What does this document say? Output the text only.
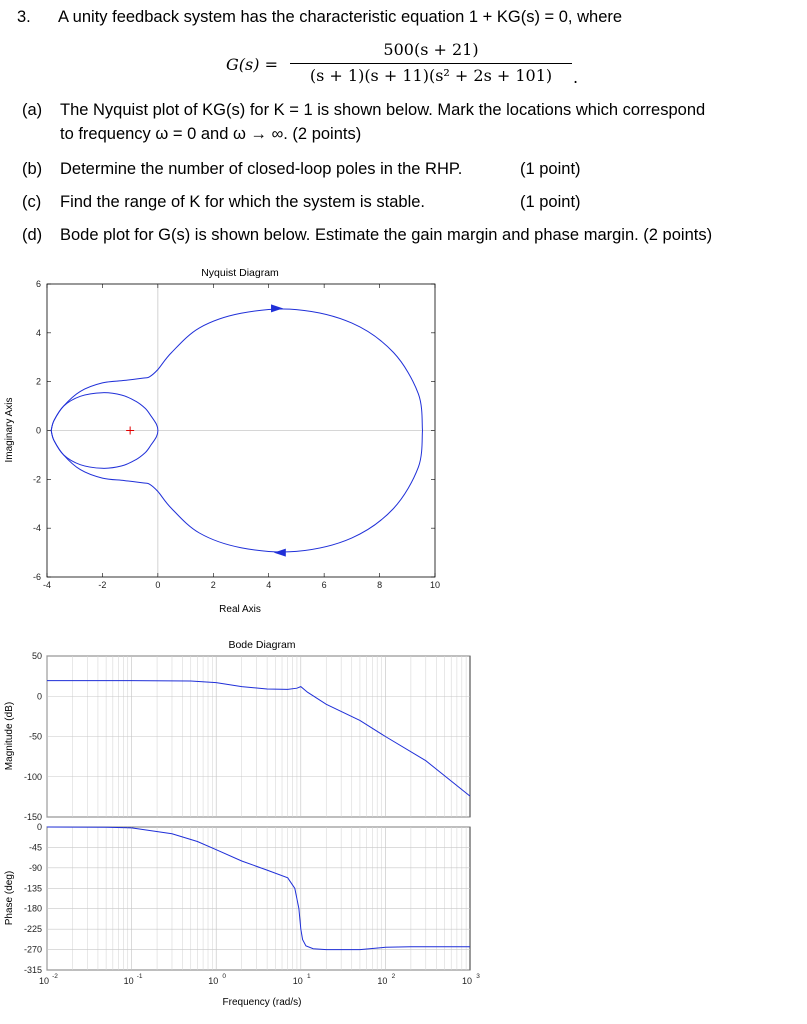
3. A unity feedback system has the characteristic equation 1 + KG(s) = 0, where
G(s) =
500(s + 21)
(s + 1)(s + 11)(s² + 2s + 101)	.
(a) The Nyquist plot of KG(s) for K = 1 is shown below. Mark the locations which correspond
to frequency ω = 0 and ω → ∞. (2 points)
(b) Determine the number of closed-loop poles in the RHP.	(1 point)
(c) Find the range of K for which the system is stable.	(1 point)
(d) Bode plot for G(s) is shown below. Estimate the gain margin and phase margin. (2 points)
Nyquist Diagram
-4	-2	0	2	4	6	8	10
-6
-4
-2
0
2
4
6
Real Axis
Imaginary Axis
Bode Diagram
50
0
-50
-100
-150
0
-45
-90
-135
-180
-225
-270
-315
10 -2	10 -1	10 0	10 1	10 2	10 3
Frequency (rad/s)
Magnitude (dB)
Phase (deg)
